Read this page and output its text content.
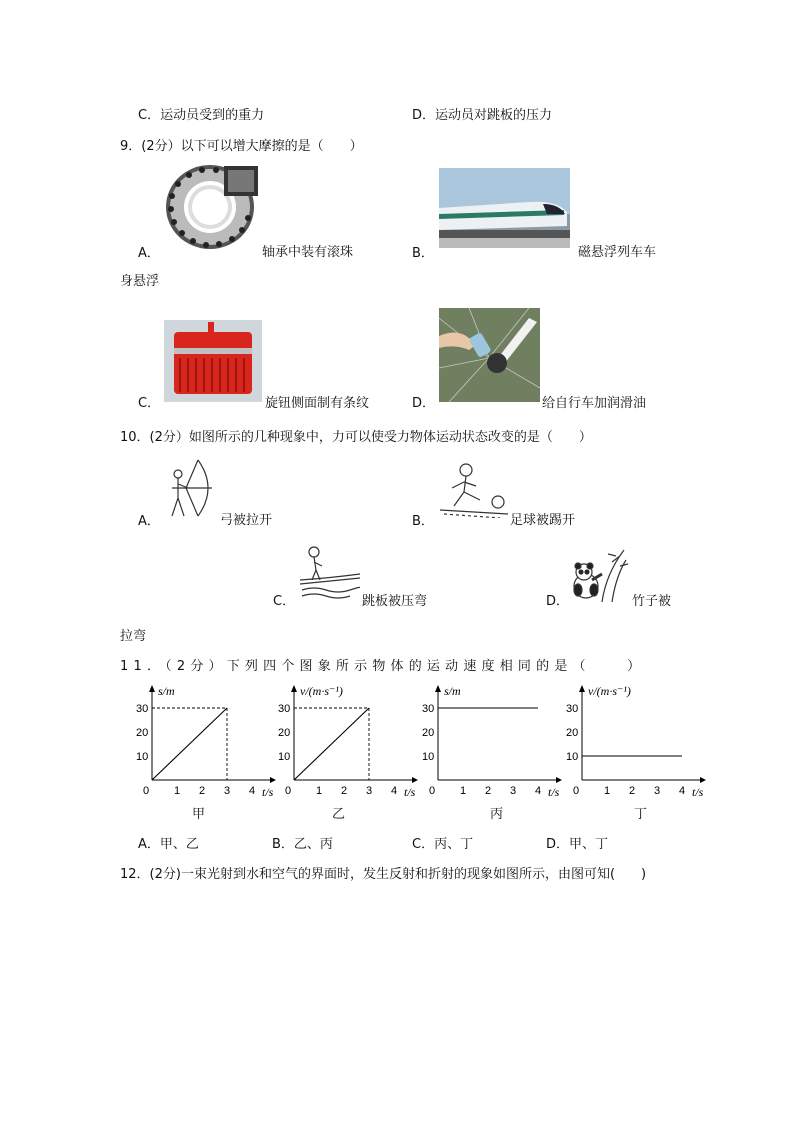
C．运动员受到的重力	D．运动员对跳板的压力
9．(2分）以下可以增大摩擦的是（　　）
A．	轴承中装有滚珠	B．	磁悬浮列车车
身悬浮
C．	旋钮侧面制有条纹	D．	给自行车加润滑油
10．(2分）如图所示的几种现象中，力可以使受力物体运动状态改变的是（　　）
A．	弓被拉开	B．	足球被踢开
C．	跳板被压弯	D．	竹子被
拉弯
11．（2分）下列四个图象所示物体的运动速度相同的是（　　）
s/m
t/s
0 1 2 3 4
10
20
30
v/(m·s⁻¹)
t/s
0 1 2 3 4
10
20
30
s/m
t/s
0 1 2 3 4
10
20
30
v/(m·s⁻¹)
t/s
0 1 2 3 4
10
20
30
甲	乙	丙	丁
A．甲、乙	B．乙、丙	C．丙、丁	D．甲、丁
12．(2分)一束光射到水和空气的界面时，发生反射和折射的现象如图所示，由图可知(　　)
